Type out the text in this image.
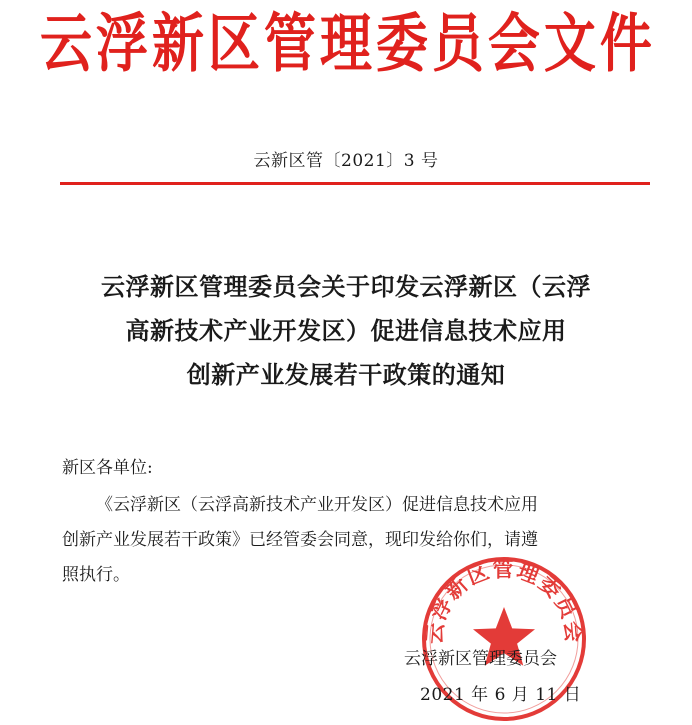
云 浮 新 区 管 理 委 员 会 文 件
云新区管〔2021〕3 号
云浮新区管理委员会关于印发云浮新区（云浮
高新技术产业开发区）促进信息技术应用
创新产业发展若干政策的通知
新区各单位:
《云浮新区（云浮高新技术产业开发区）促进信息技术应用
创新产业发展若干政策》已经管委会同意，现印发给你们，请遵
照执行。
云浮新区管理委员会
云浮新区管理委员会
2021 年 6 月 11 日
